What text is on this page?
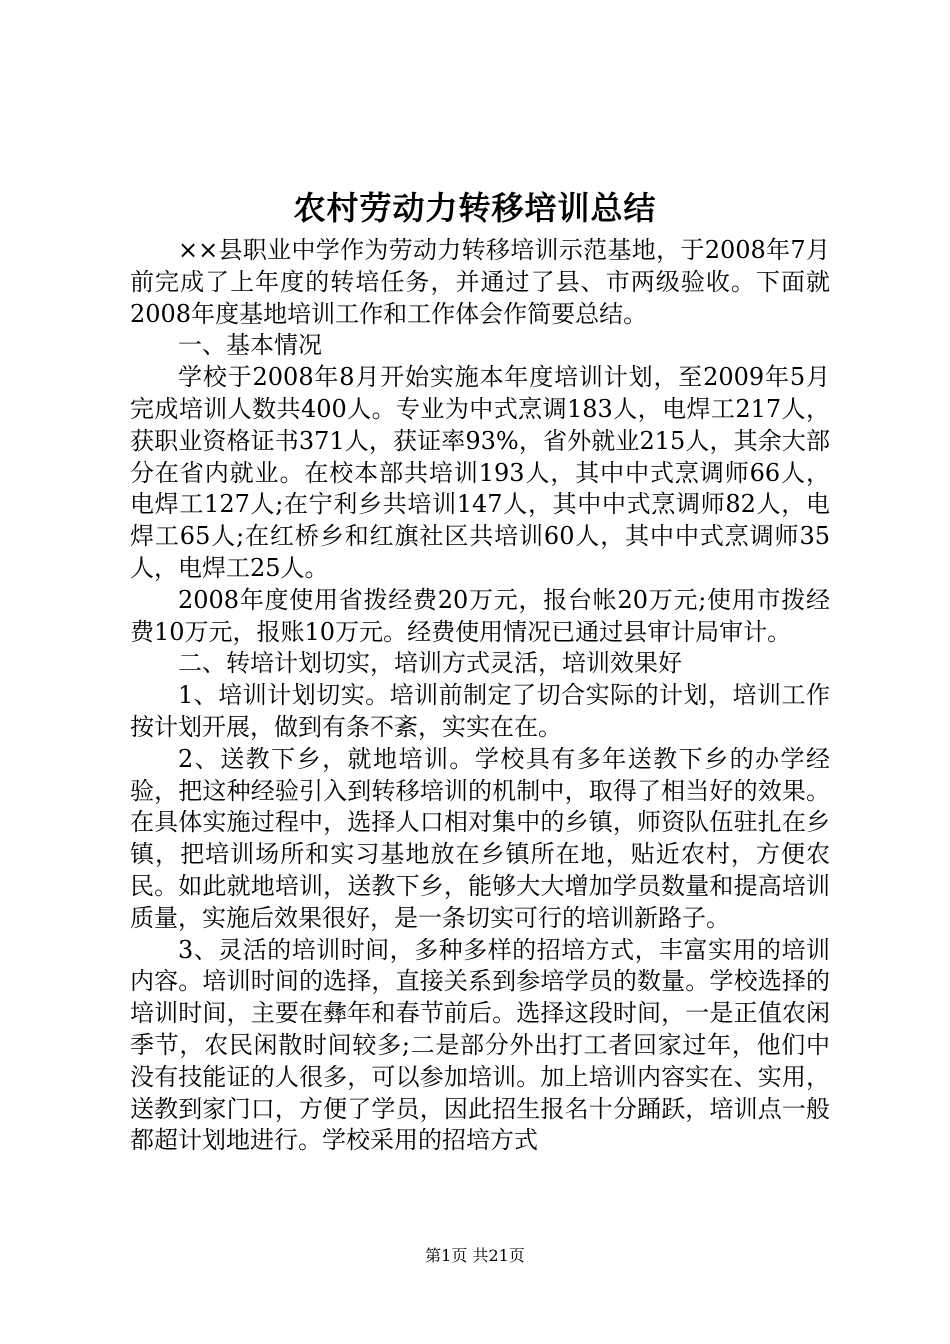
农村劳动力转移培训总结

××县职业中学作为劳动力转移培训示范基地，于2008年7月前完成了上年度的转培任务，并通过了县、市两级验收。下面就2008年度基地培训工作和工作体会作简要总结。

一、基本情况

学校于2008年8月开始实施本年度培训计划，至2009年5月完成培训人数共400人。专业为中式烹调183人，电焊工217人，获职业资格证书371人，获证率93%，省外就业215人，其余大部分在省内就业。在校本部共培训193人，其中中式烹调师66人，电焊工127人;在宁利乡共培训147人，其中中式烹调师82人，电焊工65人;在红桥乡和红旗社区共培训60人，其中中式烹调师35人，电焊工25人。

2008年度使用省拨经费20万元，报台帐20万元;使用市拨经费10万元，报账10万元。经费使用情况已通过县审计局审计。

二、转培计划切实，培训方式灵活，培训效果好

1、培训计划切实。培训前制定了切合实际的计划，培训工作按计划开展，做到有条不紊，实实在在。

2、送教下乡，就地培训。学校具有多年送教下乡的办学经验，把这种经验引入到转移培训的机制中，取得了相当好的效果。在具体实施过程中，选择人口相对集中的乡镇，师资队伍驻扎在乡镇，把培训场所和实习基地放在乡镇所在地，贴近农村，方便农民。如此就地培训，送教下乡，能够大大增加学员数量和提高培训质量，实施后效果很好，是一条切实可行的培训新路子。

3、灵活的培训时间，多种多样的招培方式，丰富实用的培训内容。培训时间的选择，直接关系到参培学员的数量。学校选择的培训时间，主要在彝年和春节前后。选择这段时间，一是正值农闲季节，农民闲散时间较多;二是部分外出打工者回家过年，他们中没有技能证的人很多，可以参加培训。加上培训内容实在、实用，送教到家门口，方便了学员，因此招生报名十分踊跃，培训点一般都超计划地进行。学校采用的招培方式

第1页 共21页
